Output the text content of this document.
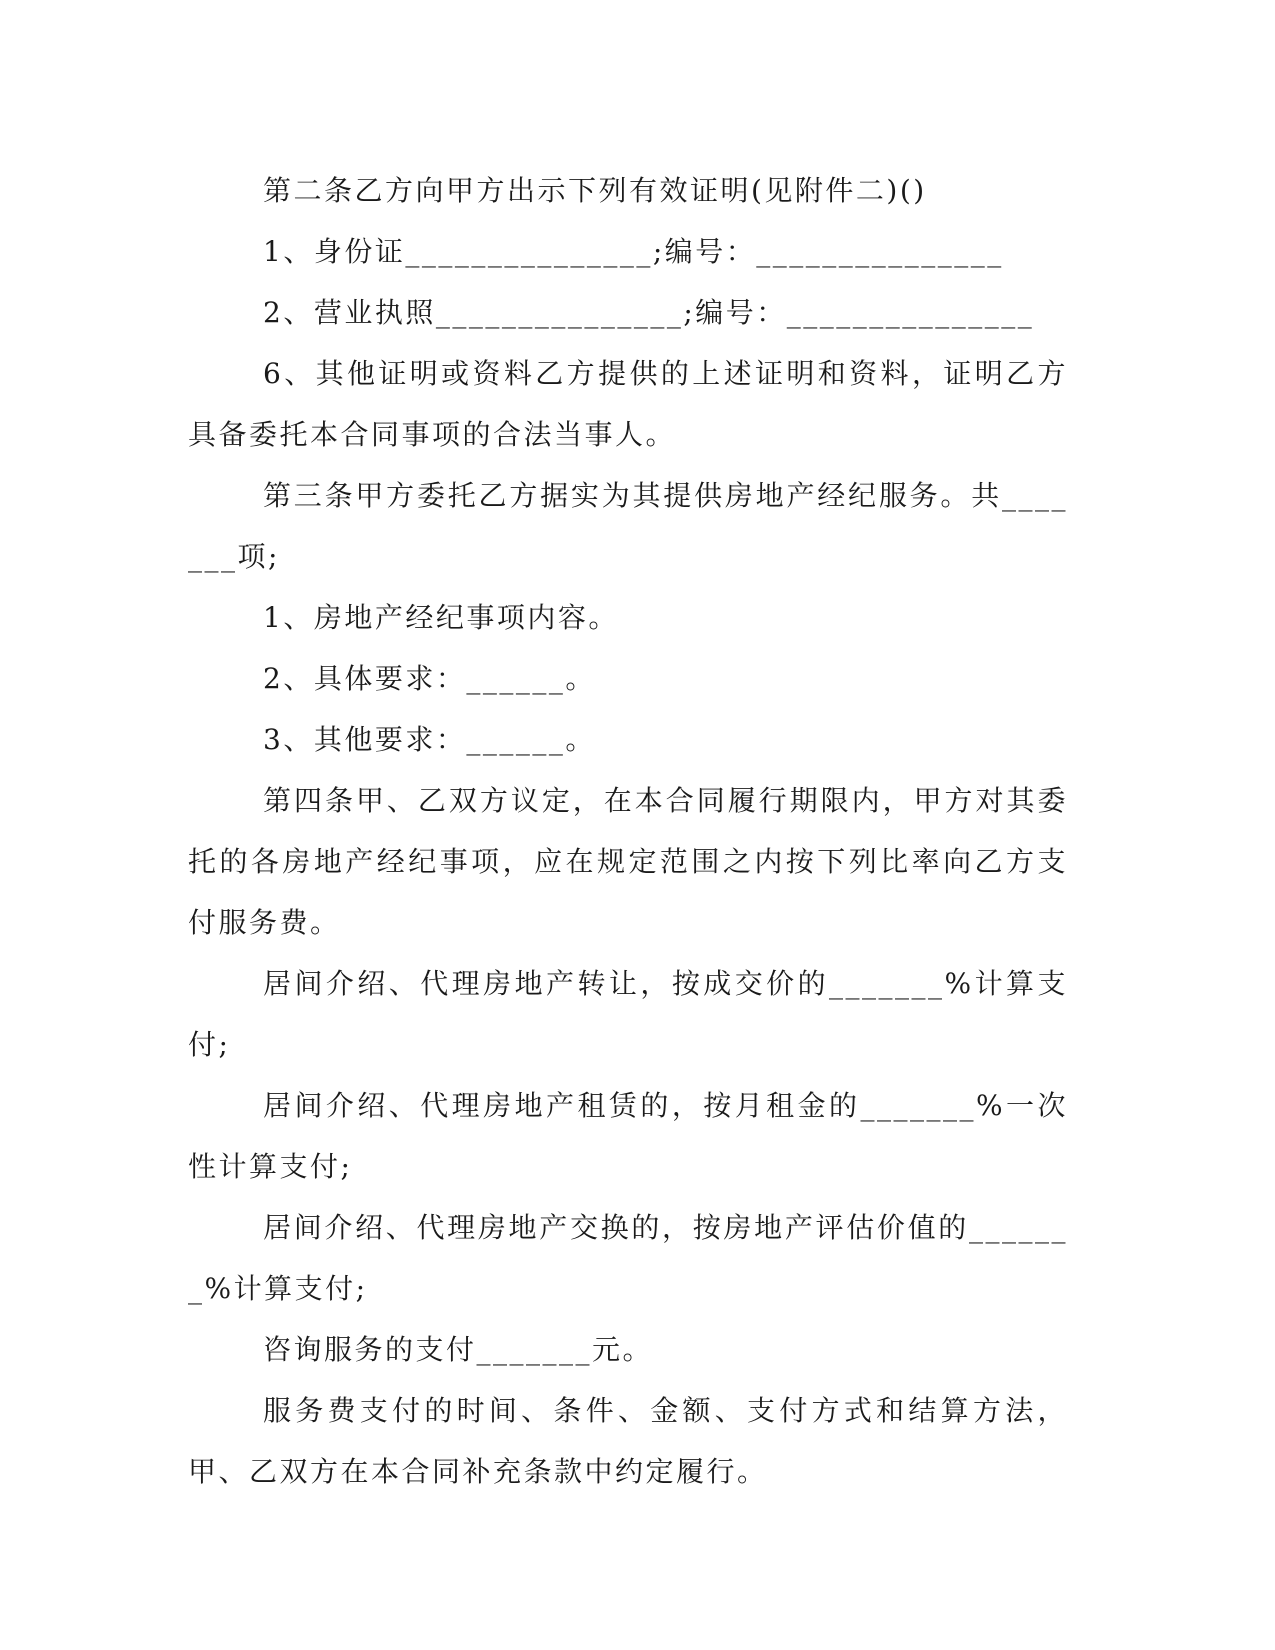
第二条乙方向甲方出示下列有效证明(见附件二)()

1、身份证_______________;编号：_______________

2、营业执照_______________;编号：_______________

6、其他证明或资料乙方提供的上述证明和资料，证明乙方具备委托本合同事项的合法当事人。

第三条甲方委托乙方据实为其提供房地产经纪服务。共_______项;

1、房地产经纪事项内容。

2、具体要求：______。

3、其他要求：______。

第四条甲、乙双方议定，在本合同履行期限内，甲方对其委托的各房地产经纪事项，应在规定范围之内按下列比率向乙方支付服务费。

居间介绍、代理房地产转让，按成交价的_______%计算支付;

居间介绍、代理房地产租赁的，按月租金的_______%一次性计算支付;

居间介绍、代理房地产交换的，按房地产评估价值的_______%计算支付;

咨询服务的支付_______元。

服务费支付的时间、条件、金额、支付方式和结算方法，甲、乙双方在本合同补充条款中约定履行。
